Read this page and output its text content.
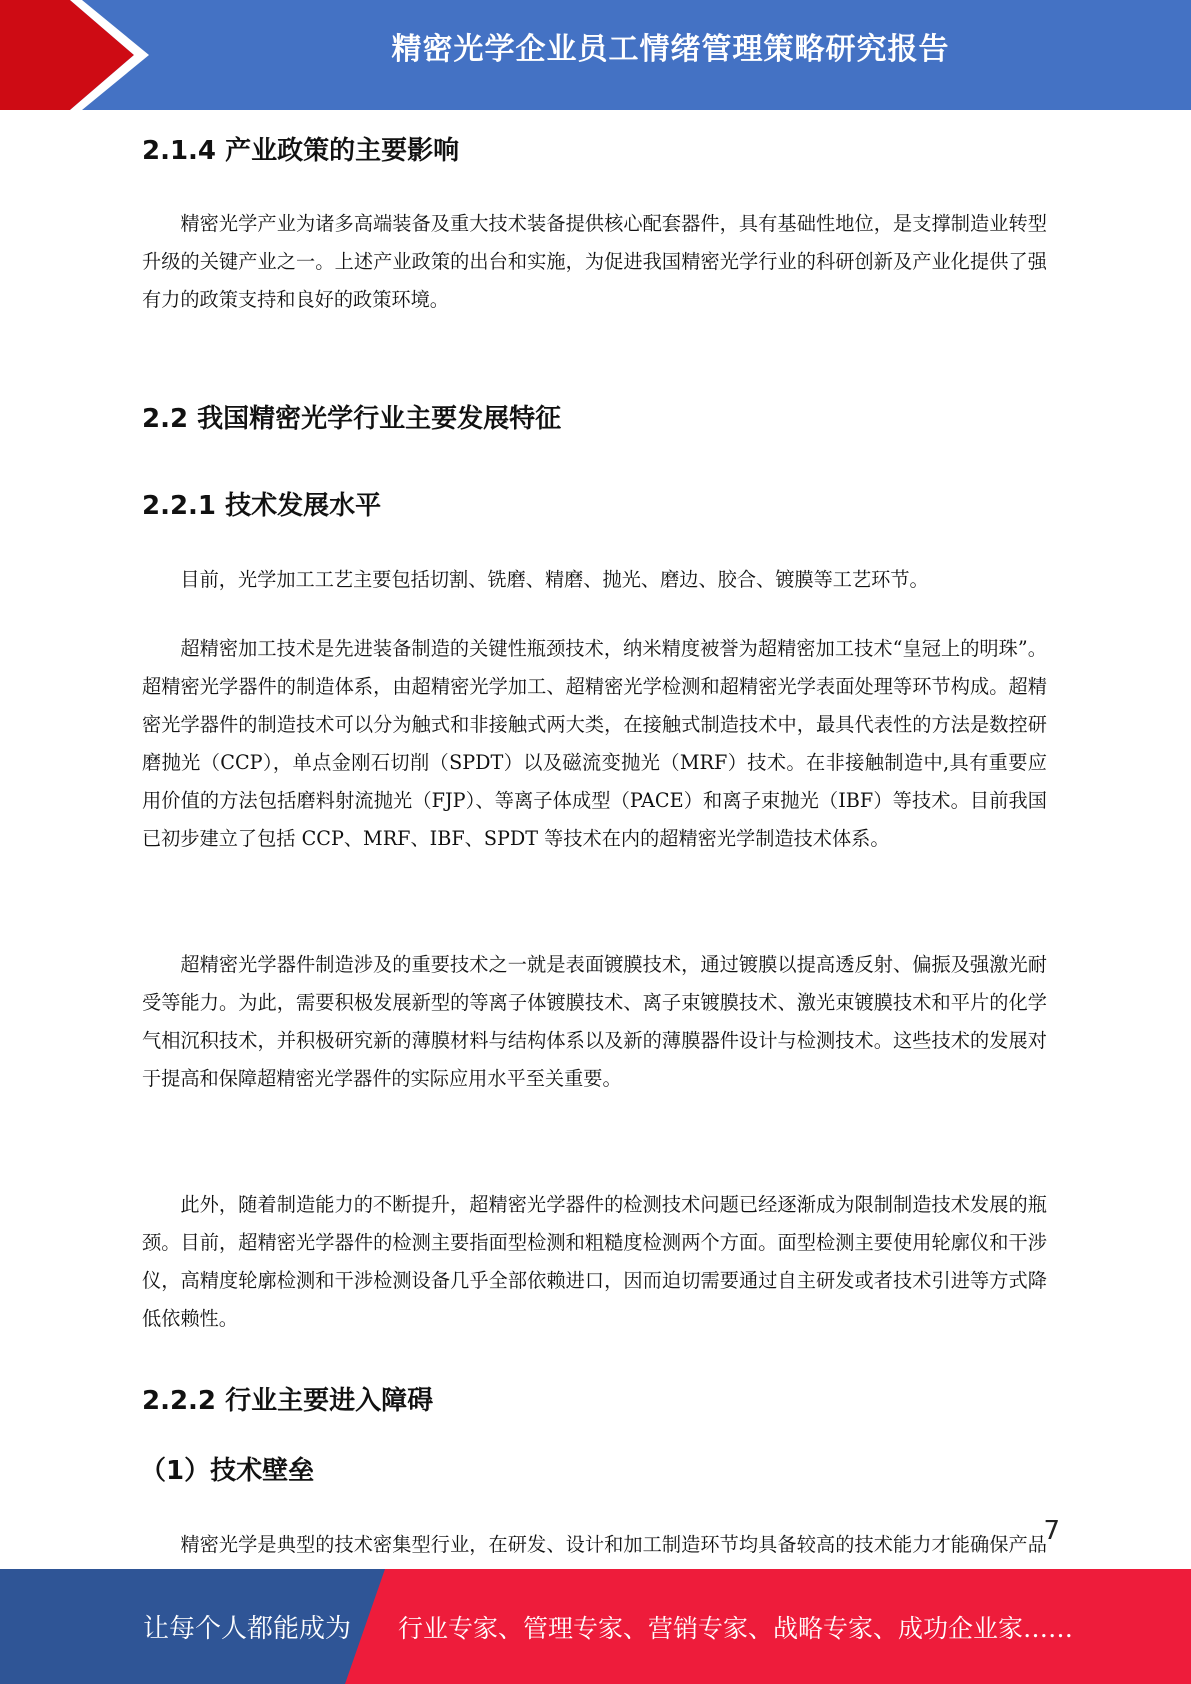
精密光学企业员工情绪管理策略研究报告
2.1.4 产业政策的主要影响

精密光学产业为诸多高端装备及重大技术装备提供核心配套器件，具有基础性地位，是支撑制造业转型升级的关键产业之一。上述产业政策的出台和实施，为促进我国精密光学行业的科研创新及产业化提供了强有力的政策支持和良好的政策环境。

2.2 我国精密光学行业主要发展特征
2.2.1 技术发展水平

目前，光学加工工艺主要包括切割、铣磨、精磨、抛光、磨边、胶合、镀膜等工艺环节。

超精密加工技术是先进装备制造的关键性瓶颈技术，纳米精度被誉为超精密加工技术“皇冠上的明珠”。超精密光学器件的制造体系，由超精密光学加工、超精密光学检测和超精密光学表面处理等环节构成。超精密光学器件的制造技术可以分为触式和非接触式两大类，在接触式制造技术中，最具代表性的方法是数控研磨抛光（CCP），单点金刚石切削（SPDT）以及磁流变抛光（MRF）技术。在非接触制造中,具有重要应用价值的方法包括磨料射流抛光（FJP）、等离子体成型（PACE）和离子束抛光（IBF）等技术。目前我国已初步建立了包括 CCP、MRF、IBF、SPDT 等技术在内的超精密光学制造技术体系。

超精密光学器件制造涉及的重要技术之一就是表面镀膜技术，通过镀膜以提高透反射、偏振及强激光耐受等能力。为此，需要积极发展新型的等离子体镀膜技术、离子束镀膜技术、激光束镀膜技术和平片的化学气相沉积技术，并积极研究新的薄膜材料与结构体系以及新的薄膜器件设计与检测技术。这些技术的发展对于提高和保障超精密光学器件的实际应用水平至关重要。

此外，随着制造能力的不断提升，超精密光学器件的检测技术问题已经逐渐成为限制制造技术发展的瓶颈。目前，超精密光学器件的检测主要指面型检测和粗糙度检测两个方面。面型检测主要使用轮廓仪和干涉仪，高精度轮廓检测和干涉检测设备几乎全部依赖进口，因而迫切需要通过自主研发或者技术引进等方式降低依赖性。

2.2.2 行业主要进入障碍
（1）技术壁垒

精密光学是典型的技术密集型行业，在研发、设计和加工制造环节均具备较高的技术能力才能确保产品

7
让每个人都能成为 行业专家、管理专家、营销专家、战略专家、成功企业家……
